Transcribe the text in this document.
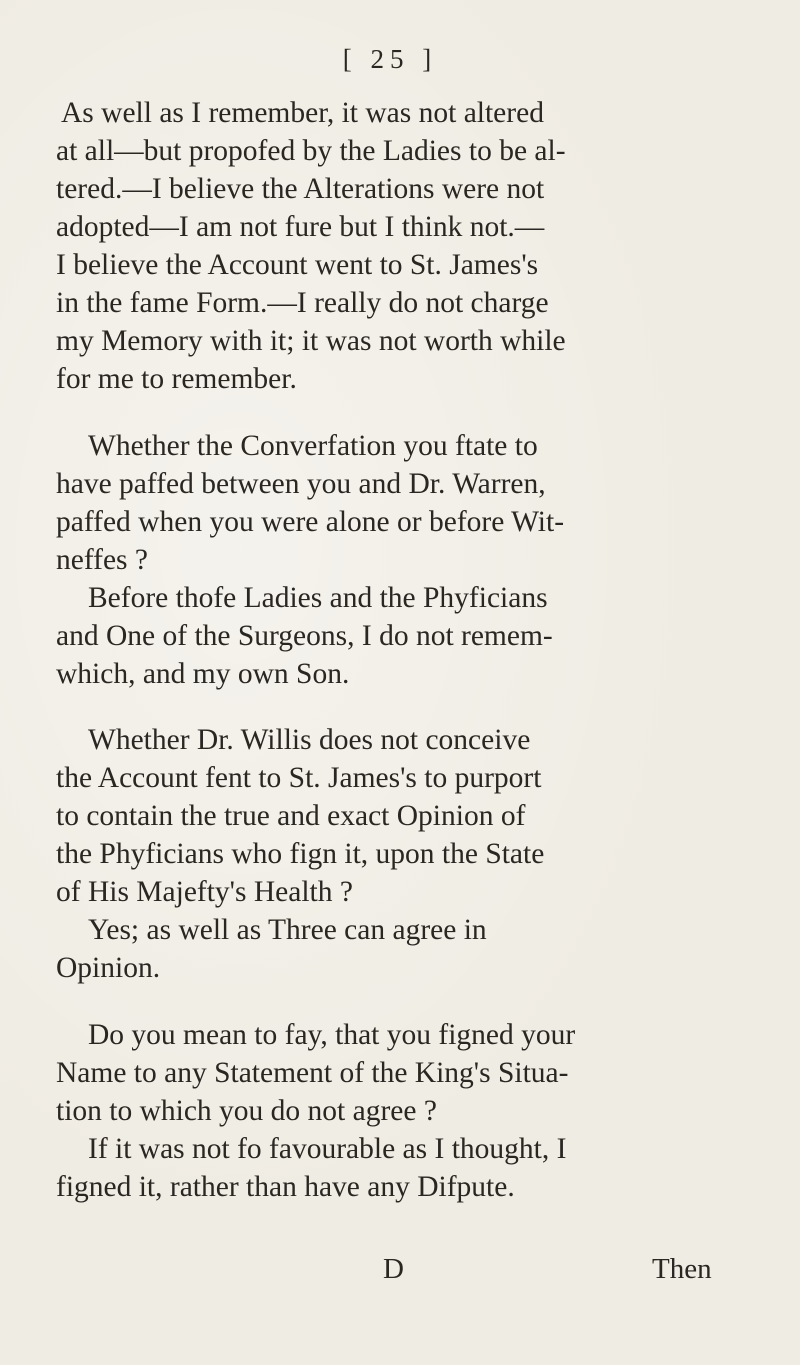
[ 25 ]
As well as I remember, it was not altered
at all—but propofed by the Ladies to be al-
tered.—I believe the Alterations were not
adopted—I am not fure but I think not.—
I believe the Account went to St. James's
in the fame Form.—I really do not charge
my Memory with it; it was not worth while
for me to remember.
Whether the Converfation you ftate to
have paffed between you and Dr. Warren,
paffed when you were alone or before Wit-
neffes ?
Before thofe Ladies and the Phyficians
and One of the Surgeons, I do not remem-
which, and my own Son.
Whether Dr. Willis does not conceive
the Account fent to St. James's to purport
to contain the true and exact Opinion of
the Phyficians who fign it, upon the State
of His Majefty's Health ?
Yes; as well as Three can agree in
Opinion.
Do you mean to fay, that you figned your
Name to any Statement of the King's Situa-
tion to which you do not agree ?
If it was not fo favourable as I thought, I
figned it, rather than have any Difpute.
D	Then
